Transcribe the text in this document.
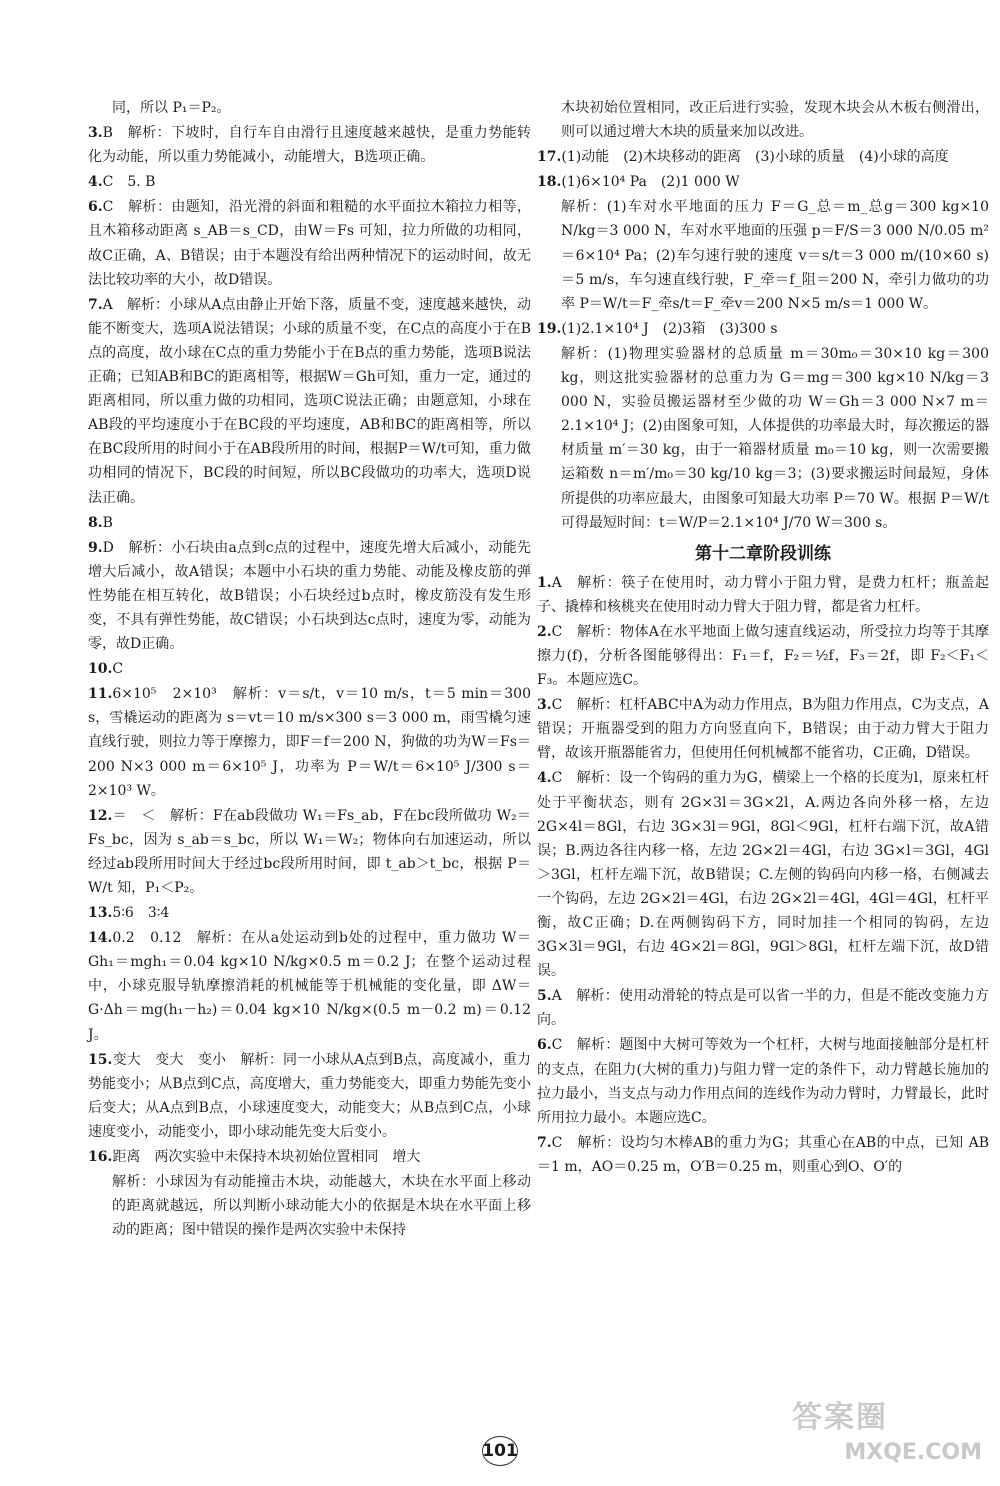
同，所以 P₁＝P₂。

3.B　解析：下坡时，自行车自由滑行且速度越来越快，是重力势能转化为动能，所以重力势能减小，动能增大，B选项正确。

4.C　5. B

6.C　解析：由题知，沿光滑的斜面和粗糙的水平面拉木箱拉力相等，且木箱移动距离 s_AB＝s_CD，由W＝Fs 可知，拉力所做的功相同，故C正确，A、B错误；由于本题没有给出两种情况下的运动时间，故无法比较功率的大小，故D错误。

7.A　解析：小球从A点由静止开始下落，质量不变，速度越来越快，动能不断变大，选项A说法错误；小球的质量不变，在C点的高度小于在B点的高度，故小球在C点的重力势能小于在B点的重力势能，选项B说法正确；已知AB和BC的距离相等，根据W＝Gh可知，重力一定，通过的距离相同，所以重力做的功相同，选项C说法正确；由题意知，小球在AB段的平均速度小于在BC段的平均速度，AB和BC的距离相等，所以在BC段所用的时间小于在AB段所用的时间，根据P＝W/t可知，重力做功相同的情况下，BC段的时间短，所以BC段做功的功率大，选项D说法正确。

8.B

9.D　解析：小石块由a点到c点的过程中，速度先增大后减小，动能先增大后减小，故A错误；本题中小石块的重力势能、动能及橡皮筋的弹性势能在相互转化，故B错误；小石块经过b点时，橡皮筋没有发生形变，不具有弹性势能，故C错误；小石块到达c点时，速度为零，动能为零，故D正确。

10.C

11.6×10⁵　2×10³　解析：v＝s/t，v＝10 m/s，t＝5 min＝300 s，雪橇运动的距离为 s＝vt＝10 m/s×300 s＝3 000 m，雨雪橇匀速直线行驶，则拉力等于摩擦力，即F＝f＝200 N，狗做的功为W＝Fs＝200 N×3 000 m＝6×10⁵ J，功率为 P＝W/t＝6×10⁵ J/300 s＝2×10³ W。

12.＝　＜　解析：F在ab段做功 W₁＝Fs_ab，F在bc段所做功 W₂＝Fs_bc，因为 s_ab＝s_bc，所以 W₁＝W₂；物体向右加速运动，所以经过ab段所用时间大于经过bc段所用时间，即 t_ab＞t_bc，根据 P＝W/t 知，P₁＜P₂。

13.5∶6　3∶4

14.0.2　0.12　解析：在从a处运动到b处的过程中，重力做功 W＝Gh₁＝mgh₁＝0.04 kg×10 N/kg×0.5 m＝0.2 J；在整个运动过程中，小球克服导轨摩擦消耗的机械能等于机械能的变化量，即 ΔW＝G·Δh＝mg(h₁－h₂)＝0.04 kg×10 N/kg×(0.5 m－0.2 m)＝0.12 J。

15.变大　变大　变小　解析：同一小球从A点到B点，高度减小，重力势能变小；从B点到C点，高度增大，重力势能变大，即重力势能先变小后变大；从A点到B点，小球速度变大，动能变大；从B点到C点，小球速度变小，动能变小，即小球动能先变大后变小。

16.距离　两次实验中未保持木块初始位置相同　增大

解析：小球因为有动能撞击木块，动能越大，木块在水平面上移动的距离就越远，所以判断小球动能大小的依据是木块在水平面上移动的距离；图中错误的操作是两次实验中未保持

木块初始位置相同，改正后进行实验，发现木块会从木板右侧滑出，则可以通过增大木块的质量来加以改进。

17.(1)动能　(2)木块移动的距离　(3)小球的质量　(4)小球的高度

18.(1)6×10⁴ Pa　(2)1 000 W

解析：(1)车对水平地面的压力 F＝G_总＝m_总g＝300 kg×10 N/kg＝3 000 N，车对水平地面的压强 p＝F/S＝3 000 N/0.05 m²＝6×10⁴ Pa；(2)车匀速行驶的速度 v＝s/t＝3 000 m/(10×60 s)＝5 m/s，车匀速直线行驶，F_牵＝f_阻＝200 N，牵引力做功的功率 P＝W/t＝F_牵s/t＝F_牵v＝200 N×5 m/s＝1 000 W。

19.(1)2.1×10⁴ J　(2)3箱　(3)300 s

解析：(1)物理实验器材的总质量 m＝30m₀＝30×10 kg＝300 kg，则这批实验器材的总重力为 G＝mg＝300 kg×10 N/kg＝3 000 N，实验员搬运器材至少做的功 W＝Gh＝3 000 N×7 m＝2.1×10⁴ J；(2)由图象可知，人体提供的功率最大时，每次搬运的器材质量 m′＝30 kg，由于一箱器材质量 m₀＝10 kg，则一次需要搬运箱数 n＝m′/m₀＝30 kg/10 kg＝3；(3)要求搬运时间最短，身体所提供的功率应最大，由图象可知最大功率 P＝70 W。根据 P＝W/t 可得最短时间：t＝W/P＝2.1×10⁴ J/70 W＝300 s。

第十二章阶段训练

1.A　解析：筷子在使用时，动力臂小于阻力臂，是费力杠杆；瓶盖起子、撬棒和核桃夹在使用时动力臂大于阻力臂，都是省力杠杆。

2.C　解析：物体A在水平地面上做匀速直线运动，所受拉力均等于其摩擦力(f)，分析各图能够得出：F₁＝f，F₂＝½f，F₃＝2f，即 F₂＜F₁＜F₃。本题应选C。

3.C　解析：杠杆ABC中A为动力作用点，B为阻力作用点，C为支点，A错误；开瓶器受到的阻力方向竖直向下，B错误；由于动力臂大于阻力臂，故该开瓶器能省力，但使用任何机械都不能省功，C正确，D错误。

4.C　解析：设一个钩码的重力为G，横梁上一个格的长度为l，原来杠杆处于平衡状态，则有 2G×3l＝3G×2l，A.两边各向外移一格，左边 2G×4l＝8Gl，右边 3G×3l＝9Gl，8Gl＜9Gl，杠杆右端下沉，故A错误；B.两边各往内移一格，左边 2G×2l＝4Gl，右边 3G×l＝3Gl，4Gl＞3Gl，杠杆左端下沉，故B错误；C.左侧的钩码向内移一格，右侧减去一个钩码，左边 2G×2l＝4Gl，右边 2G×2l＝4Gl，4Gl＝4Gl，杠杆平衡，故C正确；D.在两侧钩码下方，同时加挂一个相同的钩码，左边 3G×3l＝9Gl，右边 4G×2l＝8Gl，9Gl＞8Gl，杠杆左端下沉，故D错误。

5.A　解析：使用动滑轮的特点是可以省一半的力，但是不能改变施力方向。

6.C　解析：题图中大树可等效为一个杠杆，大树与地面接触部分是杠杆的支点，在阻力(大树的重力)与阻力臂一定的条件下，动力臂越长施加的拉力最小，当支点与动力作用点间的连线作为动力臂时，力臂最长，此时所用拉力最小。本题应选C。

7.C　解析：设均匀木棒AB的重力为G；其重心在AB的中点，已知 AB＝1 m，AO＝0.25 m，O′B＝0.25 m，则重心到O、O′的

101
答案圈
MXQE.COM
